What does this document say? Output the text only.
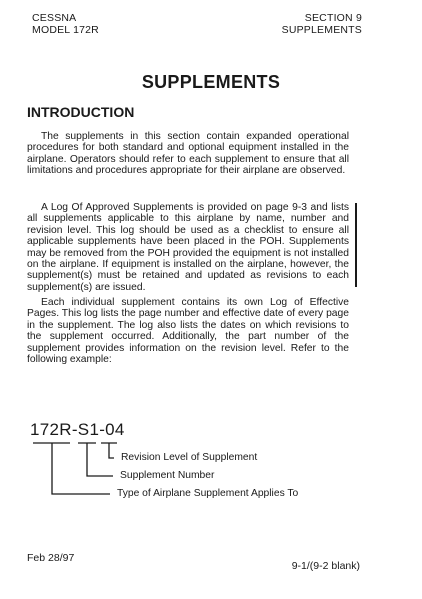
CESSNA
MODEL 172R
SECTION 9
SUPPLEMENTS
SUPPLEMENTS
INTRODUCTION

The supplements in this section contain expanded operational procedures for both standard and optional equipment installed in the airplane. Operators should refer to each supplement to ensure that all limitations and procedures appropriate for their airplane are observed.

A Log Of Approved Supplements is provided on page 9-3 and lists all supplements applicable to this airplane by name, number and revision level. This log should be used as a checklist to ensure all applicable supplements have been placed in the POH. Supplements may be removed from the POH provided the equipment is not installed on the airplane. If equipment is installed on the airplane, however, the supplement(s) must be retained and updated as revisions to each supplement(s) are issued.

Each individual supplement contains its own Log of Effective Pages. This log lists the page number and effective date of every page in the supplement. The log also lists the dates on which revisions to the supplement occurred. Additionally, the part number of the supplement provides information on the revision level. Refer to the following example:

172R-S1-04
Revision Level of Supplement
Supplement Number
Type of Airplane Supplement Applies To
Feb 28/97
9-1/(9-2 blank)
